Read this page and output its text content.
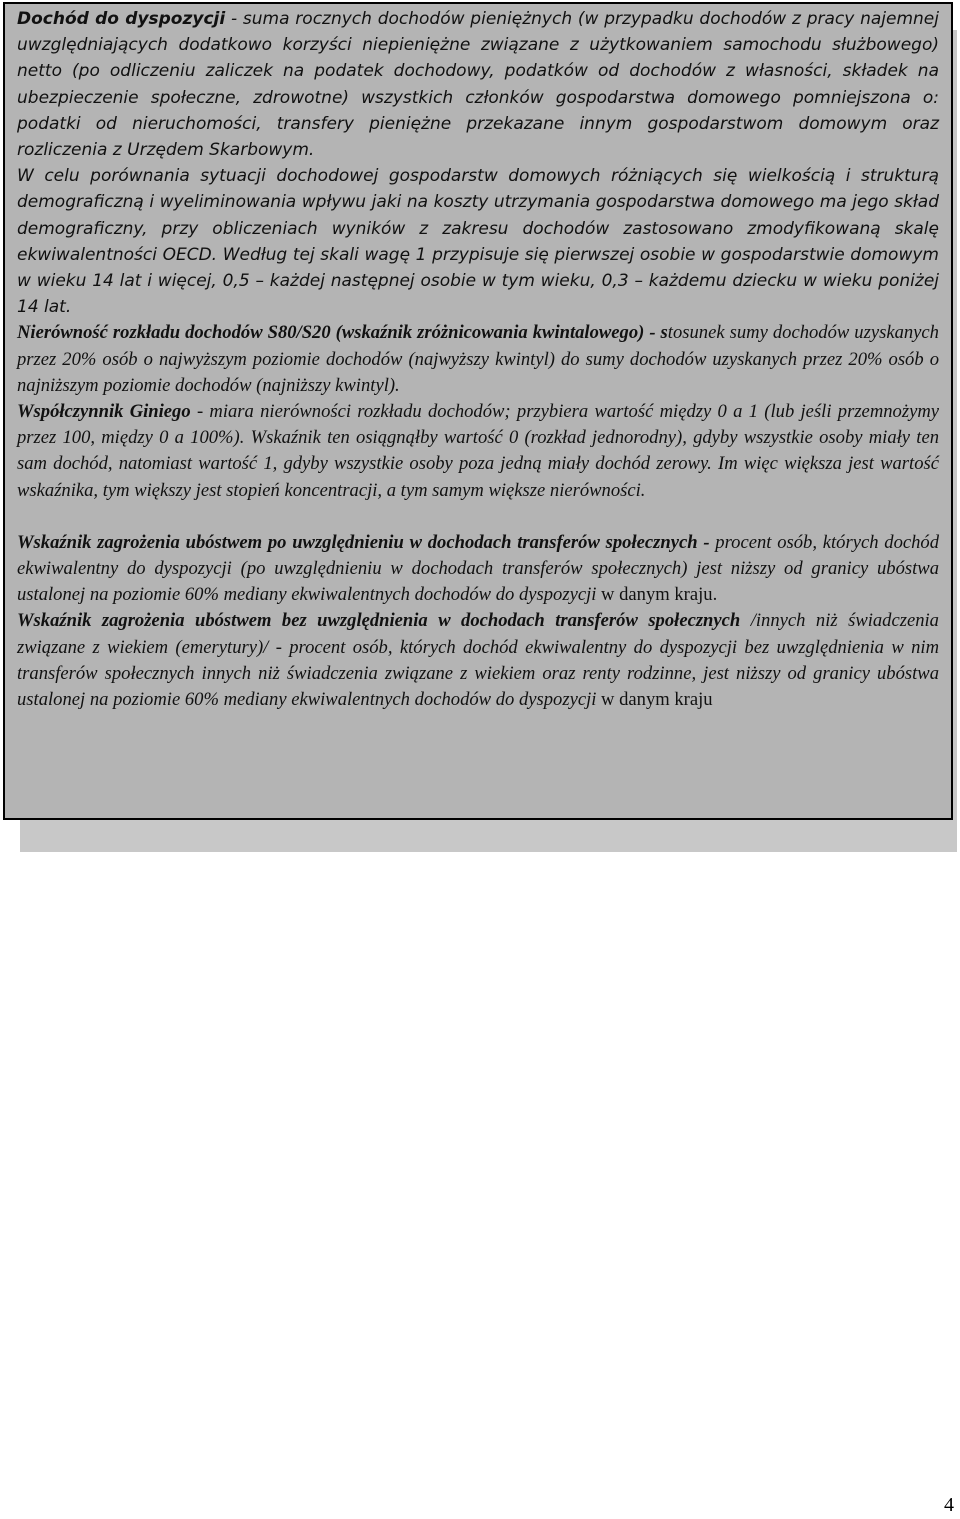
Dochód do dyspozycji - suma rocznych dochodów pieniężnych (w przypadku dochodów z pracy najemnej uwzględniających dodatkowo korzyści niepieniężne związane z użytkowaniem samochodu służbowego) netto (po odliczeniu zaliczek na podatek dochodowy, podatków od dochodów z własności, składek na ubezpieczenie społeczne, zdrowotne) wszystkich członków gospodarstwa domowego pomniejszona o: podatki od nieruchomości, transfery pieniężne przekazane innym gospodarstwom domowym oraz rozliczenia z Urzędem Skarbowym.

W celu porównania sytuacji dochodowej gospodarstw domowych różniących się wielkością i strukturą demograficzną i wyeliminowania wpływu jaki na koszty utrzymania gospodarstwa domowego ma jego skład demograficzny, przy obliczeniach wyników z zakresu dochodów zastosowano zmodyfikowaną skalę ekwiwalentności OECD. Według tej skali wagę 1 przypisuje się pierwszej osobie w gospodarstwie domowym w wieku 14 lat i więcej, 0,5 – każdej następnej osobie w tym wieku, 0,3 – każdemu dziecku w wieku poniżej 14 lat.

Nierówność rozkładu dochodów S80/S20 (wskaźnik zróżnicowania kwintalowego) - stosunek sumy dochodów uzyskanych przez 20% osób o najwyższym poziomie dochodów (najwyższy kwintyl) do sumy dochodów uzyskanych przez 20% osób o najniższym poziomie dochodów (najniższy kwintyl).

Współczynnik Giniego - miara nierówności rozkładu dochodów; przybiera wartość między 0 a 1 (lub jeśli przemnożymy przez 100, między 0 a 100%). Wskaźnik ten osiągnąłby wartość 0 (rozkład jednorodny), gdyby wszystkie osoby miały ten sam dochód, natomiast wartość 1, gdyby wszystkie osoby poza jedną miały dochód zerowy. Im więc większa jest wartość wskaźnika, tym większy jest stopień koncentracji, a tym samym większe nierówności.

Wskaźnik zagrożenia ubóstwem po uwzględnieniu w dochodach transferów społecznych - procent osób, których dochód ekwiwalentny do dyspozycji (po uwzględnieniu w dochodach transferów społecznych) jest niższy od granicy ubóstwa ustalonej na poziomie 60% mediany ekwiwalentnych dochodów do dyspozycji w danym kraju.

Wskaźnik zagrożenia ubóstwem bez uwzględnienia w dochodach transferów społecznych /innych niż świadczenia związane z wiekiem (emerytury)/ - procent osób, których dochód ekwiwalentny do dyspozycji bez uwzględnienia w nim transferów społecznych innych niż świadczenia związane z wiekiem oraz renty rodzinne, jest niższy od granicy ubóstwa ustalonej na poziomie 60% mediany ekwiwalentnych dochodów do dyspozycji w danym kraju

4
